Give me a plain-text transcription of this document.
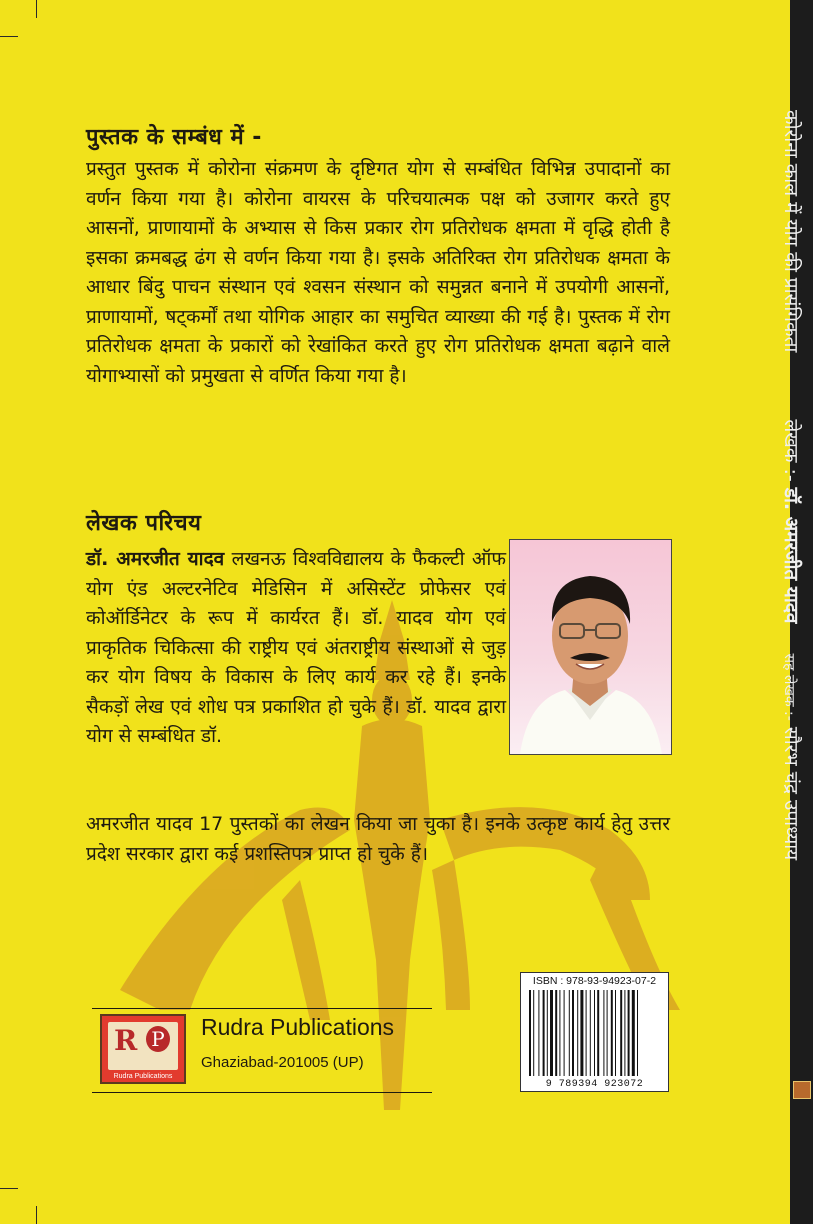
कोरोना काल में योग की प्रासंगिकता  लेखक :- डॉ. अमरजीत यादव  सह लेखक :- सौरभ चंद्र उपाध्याय
पुस्तक के सम्बंध में -

प्रस्तुत पुस्तक में कोरोना संक्रमण के दृष्टिगत योग से सम्बंधित विभिन्न उपादानों का वर्णन किया गया है। कोरोना वायरस के परिचयात्मक पक्ष को उजागर करते हुए आसनों, प्राणायामों के अभ्यास से किस प्रकार रोग प्रतिरोधक क्षमता में वृद्धि होती है इसका क्रमबद्ध ढंग से वर्णन किया गया है। इसके अतिरिक्त रोग प्रतिरोधक क्षमता के आधार बिंदु पाचन संस्थान एवं श्वसन संस्थान को समुन्नत बनाने में उपयोगी आसनों, प्राणायामों, षट्कर्मों तथा योगिक आहार का समुचित व्याख्या की गई है। पुस्तक में रोग प्रतिरोधक क्षमता के प्रकारों को रेखांकित करते हुए रोग प्रतिरोधक क्षमता बढ़ाने वाले योगाभ्यासों को प्रमुखता से वर्णित किया गया है।

लेखक परिचय

डॉ. अमरजीत यादव लखनऊ विश्वविद्यालय के फैकल्टी ऑफ योग एंड अल्टरनेटिव मेडिसिन में असिस्टेंट प्रोफेसर एवं कोऑर्डिनेटर के रूप में कार्यरत हैं। डॉ. यादव योग एवं प्राकृतिक चिकित्सा की राष्ट्रीय एवं अंतराष्ट्रीय संस्थाओं से जुड़ कर योग विषय के विकास के लिए कार्य कर रहे हैं। इनके सैकड़ों लेख एवं शोध पत्र प्रकाशित हो चुके हैं। डॉ. यादव द्वारा योग से सम्बंधित डॉ.

अमरजीत यादव 17 पुस्तकों का लेखन किया जा चुका है। इनके उत्कृष्ट कार्य हेतु उत्तर प्रदेश सरकार द्वारा कई प्रशस्तिपत्र प्राप्त हो चुके हैं।

R P
Rudra Publications
Rudra Publications
Ghaziabad-201005 (UP)
ISBN : 978-93-94923-07-2
9 789394 923072
